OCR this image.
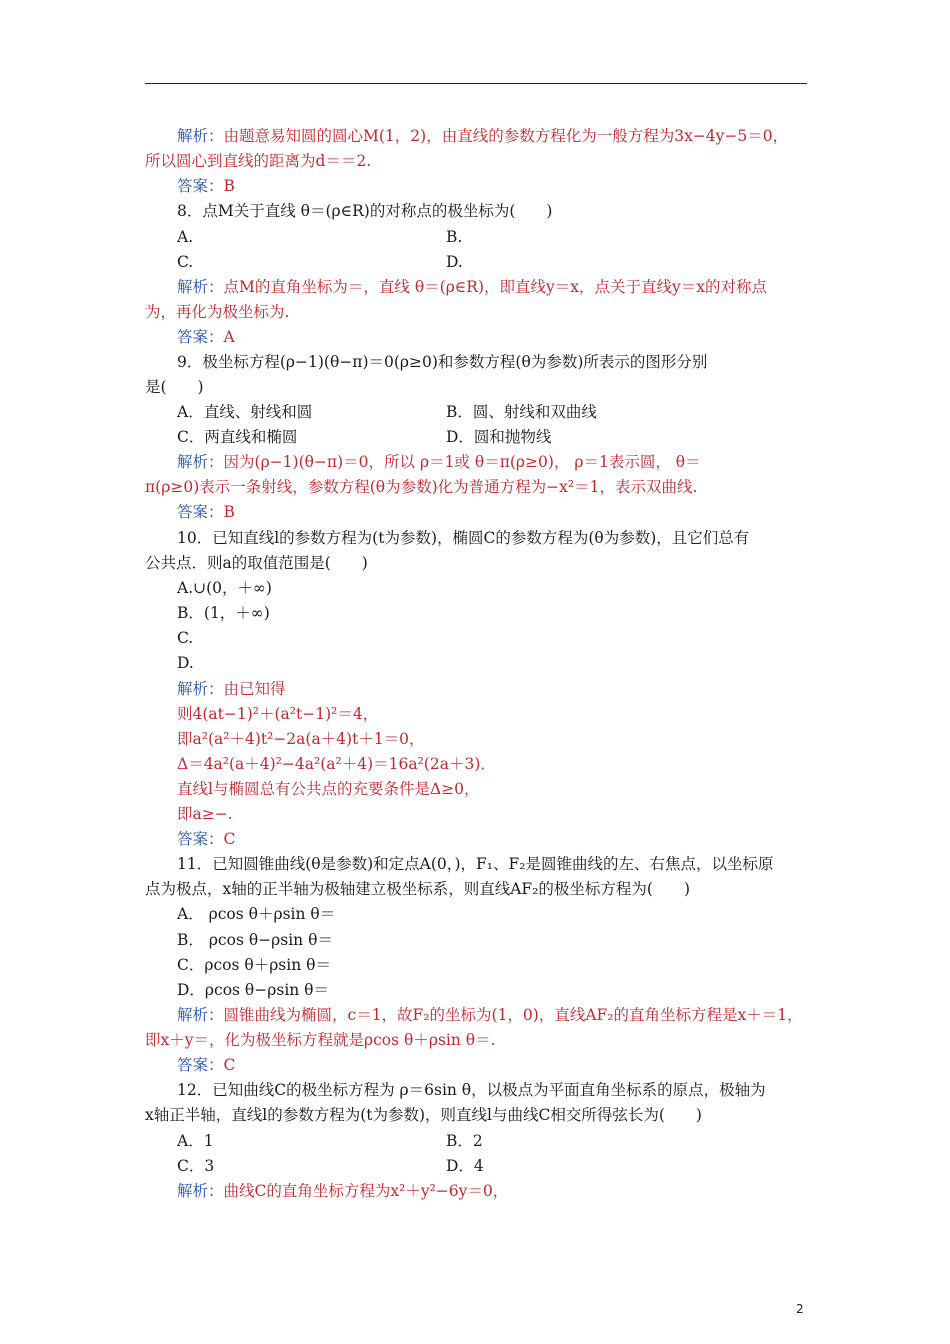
解析：由题意易知圆的圆心M(1，2)，由直线的参数方程化为一般方程为3x−4y−5＝0，
所以圆心到直线的距离为d＝＝2.
答案：B
8．点M关于直线 θ＝(ρ∈R)的对称点的极坐标为(　　)
A.	B.
C.	D.
解析：点M的直角坐标为＝，直线 θ＝(ρ∈R)，即直线y＝x，点关于直线y＝x的对称点
为，再化为极坐标为.
答案：A
9．极坐标方程(ρ−1)(θ−π)＝0(ρ≥0)和参数方程(θ为参数)所表示的图形分别
是(　　)
A．直线、射线和圆	B．圆、射线和双曲线
C．两直线和椭圆	D．圆和抛物线
解析：因为(ρ−1)(θ−π)＝0，所以 ρ＝1或 θ＝π(ρ≥0)， ρ＝1表示圆， θ＝
π(ρ≥0)表示一条射线，参数方程(θ为参数)化为普通方程为−x²＝1，表示双曲线.
答案：B
10．已知直线l的参数方程为(t为参数)，椭圆C的参数方程为(θ为参数)，且它们总有
公共点．则a的取值范围是(　　)
A.∪(0，＋∞)
B．(1，＋∞)
C.
D.
解析：由已知得
则4(at−1)²＋(a²t−1)²＝4，
即a²(a²＋4)t²−2a(a＋4)t＋1＝0，
Δ＝4a²(a＋4)²−4a²(a²＋4)＝16a²(2a＋3)．
直线l与椭圆总有公共点的充要条件是Δ≥0，
即a≥−.
答案：C
11．已知圆锥曲线(θ是参数)和定点A(0，)，F₁、F₂是圆锥曲线的左、右焦点，以坐标原
点为极点，x轴的正半轴为极轴建立极坐标系，则直线AF₂的极坐标方程为(　　)
A． ρcos θ＋ρsin θ＝
B． ρcos θ−ρsin θ＝
C．ρcos θ＋ρsin θ＝
D．ρcos θ−ρsin θ＝
解析：圆锥曲线为椭圆，c＝1，故F₂的坐标为(1，0)，直线AF₂的直角坐标方程是x＋＝1，
即x＋y＝，化为极坐标方程就是ρcos θ＋ρsin θ＝.
答案：C
12．已知曲线C的极坐标方程为 ρ＝6sin θ，以极点为平面直角坐标系的原点，极轴为
x轴正半轴，直线l的参数方程为(t为参数)，则直线l与曲线C相交所得弦长为(　　)
A．1	B．2
C．3	D．4
解析：曲线C的直角坐标方程为x²＋y²−6y＝0，
2
